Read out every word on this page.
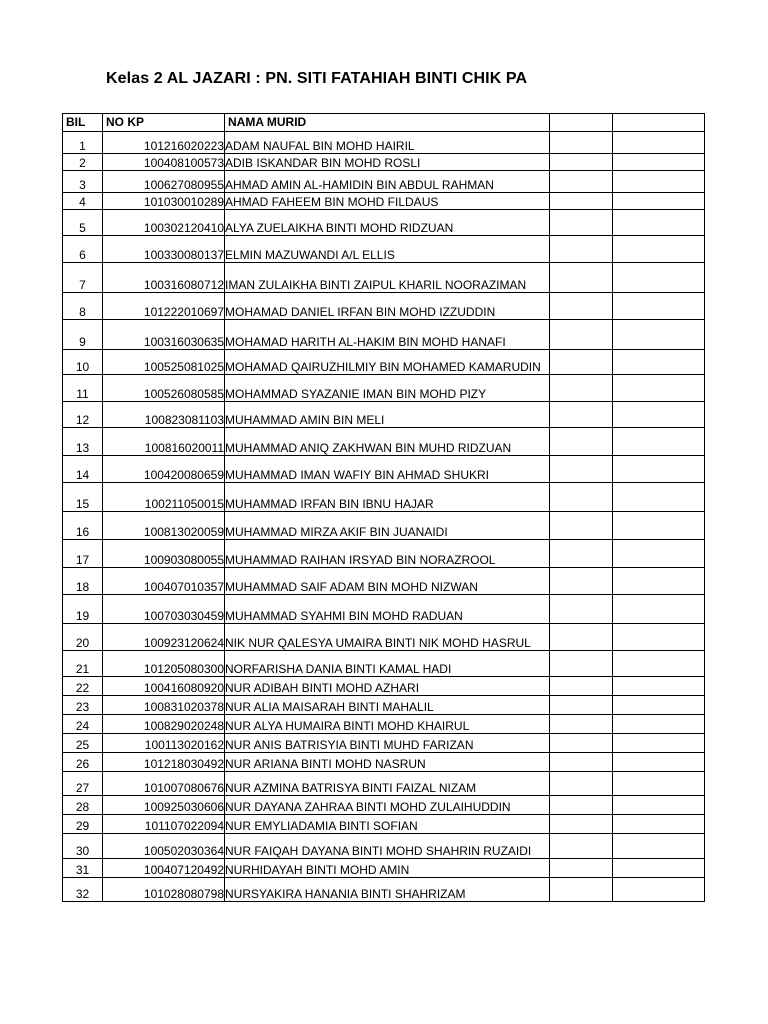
Kelas 2 AL JAZARI : PN. SITI FATAHIAH BINTI CHIK PA
BIL	NO KP	NAMA MURID		
1	101216020223	ADAM NAUFAL BIN MOHD HAIRIL		
2	100408100573	ADIB ISKANDAR BIN MOHD ROSLI		
3	100627080955	AHMAD AMIN AL-HAMIDIN BIN ABDUL RAHMAN		
4	101030010289	AHMAD FAHEEM BIN MOHD FILDAUS		
5	100302120410	ALYA ZUELAIKHA BINTI MOHD RIDZUAN		
6	100330080137	ELMIN MAZUWANDI A/L ELLIS		
7	100316080712	IMAN ZULAIKHA BINTI ZAIPUL KHARIL NOORAZIMAN		
8	101222010697	MOHAMAD DANIEL IRFAN BIN MOHD IZZUDDIN		
9	100316030635	MOHAMAD HARITH AL-HAKIM BIN MOHD HANAFI		
10	100525081025	MOHAMAD QAIRUZHILMIY BIN MOHAMED KAMARUDIN		
11	100526080585	MOHAMMAD SYAZANIE IMAN BIN MOHD PIZY		
12	100823081103	MUHAMMAD AMIN BIN MELI		
13	100816020011	MUHAMMAD ANIQ ZAKHWAN BIN MUHD RIDZUAN		
14	100420080659	MUHAMMAD IMAN WAFIY BIN AHMAD SHUKRI		
15	100211050015	MUHAMMAD IRFAN BIN IBNU HAJAR		
16	100813020059	MUHAMMAD MIRZA AKIF BIN JUANAIDI		
17	100903080055	MUHAMMAD RAIHAN IRSYAD BIN NORAZROOL		
18	100407010357	MUHAMMAD SAIF ADAM BIN MOHD NIZWAN		
19	100703030459	MUHAMMAD SYAHMI BIN MOHD RADUAN		
20	100923120624	NIK NUR QALESYA UMAIRA BINTI NIK MOHD HASRUL		
21	101205080300	NORFARISHA DANIA BINTI KAMAL HADI		
22	100416080920	NUR ADIBAH BINTI MOHD AZHARI		
23	100831020378	NUR ALIA MAISARAH BINTI MAHALIL		
24	100829020248	NUR ALYA HUMAIRA BINTI MOHD KHAIRUL		
25	100113020162	NUR ANIS BATRISYIA BINTI MUHD FARIZAN		
26	101218030492	NUR ARIANA BINTI MOHD NASRUN		
27	101007080676	NUR AZMINA BATRISYA BINTI FAIZAL NIZAM		
28	100925030606	NUR DAYANA ZAHRAA BINTI MOHD ZULAIHUDDIN		
29	101107022094	NUR EMYLIADAMIA BINTI SOFIAN		
30	100502030364	NUR FAIQAH DAYANA BINTI MOHD SHAHRIN RUZAIDI		
31	100407120492	NURHIDAYAH BINTI MOHD AMIN		
32	101028080798	NURSYAKIRA HANANIA BINTI SHAHRIZAM		
